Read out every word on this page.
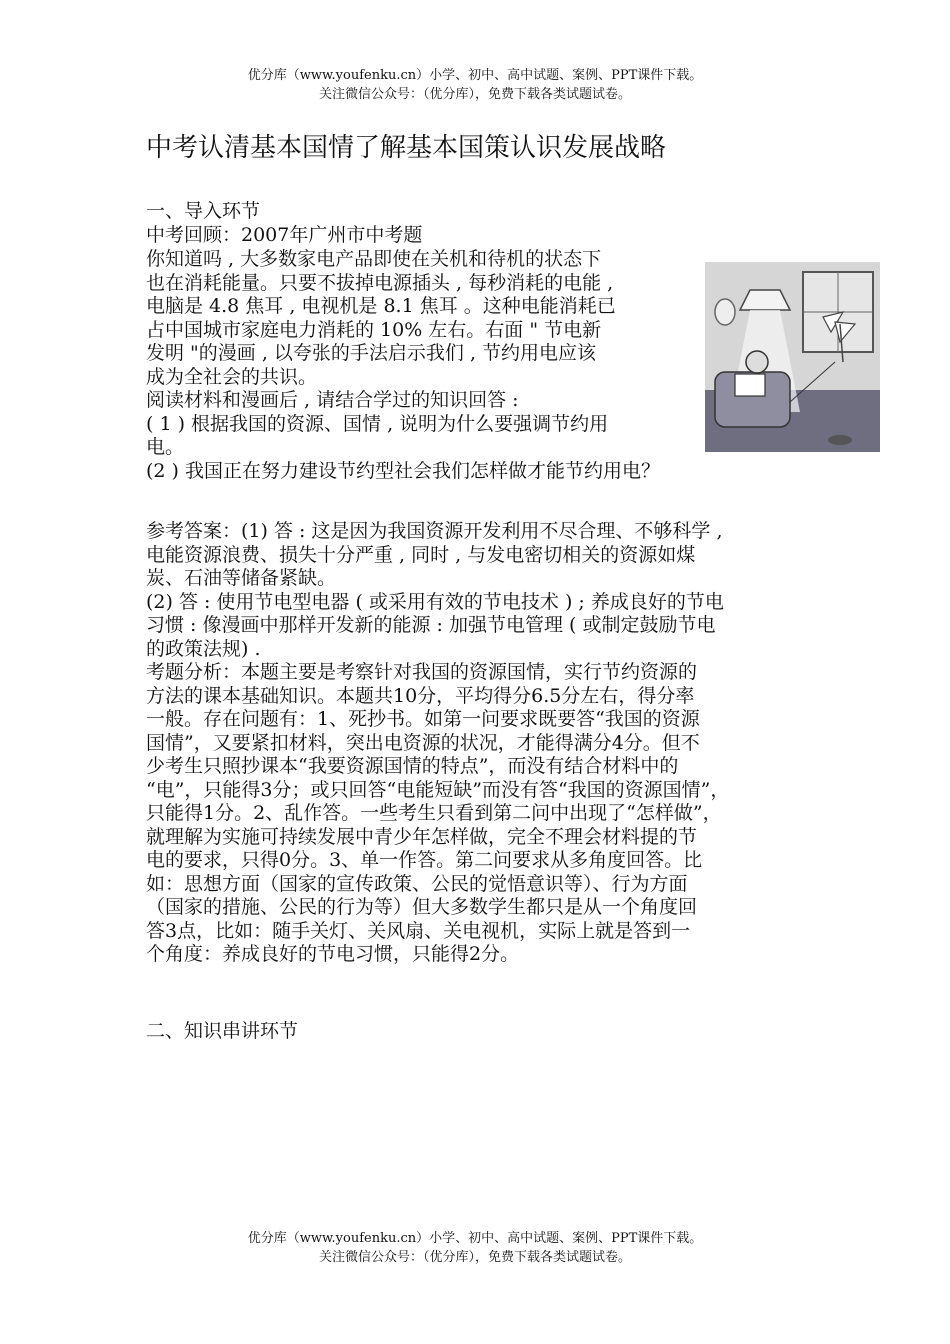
优分库（www.youfenku.cn）小学、初中、高中试题、案例、PPT课件下载。
关注微信公众号：（优分库），免费下载各类试题试卷。
中考认清基本国情了解基本国策认识发展战略
一、导入环节
中考回顾：2007年广州市中考题
你知道吗 , 大多数家电产品即使在关机和待机的状态下
也在消耗能量。只要不拔掉电源插头 , 每秒消耗的电能 ,
电脑是 4.8 焦耳 , 电视机是 8.1 焦耳 。这种电能消耗已
占中国城市家庭电力消耗的 10% 左右。右面 " 节电新
发明 "的漫画 , 以夸张的手法启示我们 , 节约用电应该
成为全社会的共识。
阅读材料和漫画后 , 请结合学过的知识回答 :
( 1 ) 根据我国的资源、国情 , 说明为什么要强调节约用
电。
(2 ) 我国正在努力建设节约型社会我们怎样做才能节约用电？
参考答案：(1) 答 : 这是因为我国资源开发利用不尽合理、不够科学 ,
电能资源浪费、损失十分严重 , 同时 , 与发电密切相关的资源如煤
炭、石油等储备紧缺。
(2) 答 : 使用节电型电器 ( 或采用有效的节电技术 ) ; 养成良好的节电
习惯 : 像漫画中那样开发新的能源 : 加强节电管理 ( 或制定鼓励节电
的政策法规) .
考题分析：本题主要是考察针对我国的资源国情，实行节约资源的
方法的课本基础知识。本题共10分，平均得分6.5分左右，得分率
一般。存在问题有：1、死抄书。如第一问要求既要答“我国的资源
国情”，又要紧扣材料，突出电资源的状况，才能得满分4分。但不
少考生只照抄课本“我要资源国情的特点”，而没有结合材料中的
“电”，只能得3分；或只回答“电能短缺”而没有答“我国的资源国情”，
只能得1分。2、乱作答。一些考生只看到第二问中出现了“怎样做”，
就理解为实施可持续发展中青少年怎样做，完全不理会材料提的节
电的要求，只得0分。3、单一作答。第二问要求从多角度回答。比
如：思想方面（国家的宣传政策、公民的觉悟意识等）、行为方面
（国家的措施、公民的行为等）但大多数学生都只是从一个角度回
答3点，比如：随手关灯、关风扇、关电视机，实际上就是答到一
个角度：养成良好的节电习惯，只能得2分。
二、知识串讲环节
优分库（www.youfenku.cn）小学、初中、高中试题、案例、PPT课件下载。
关注微信公众号：（优分库），免费下载各类试题试卷。
